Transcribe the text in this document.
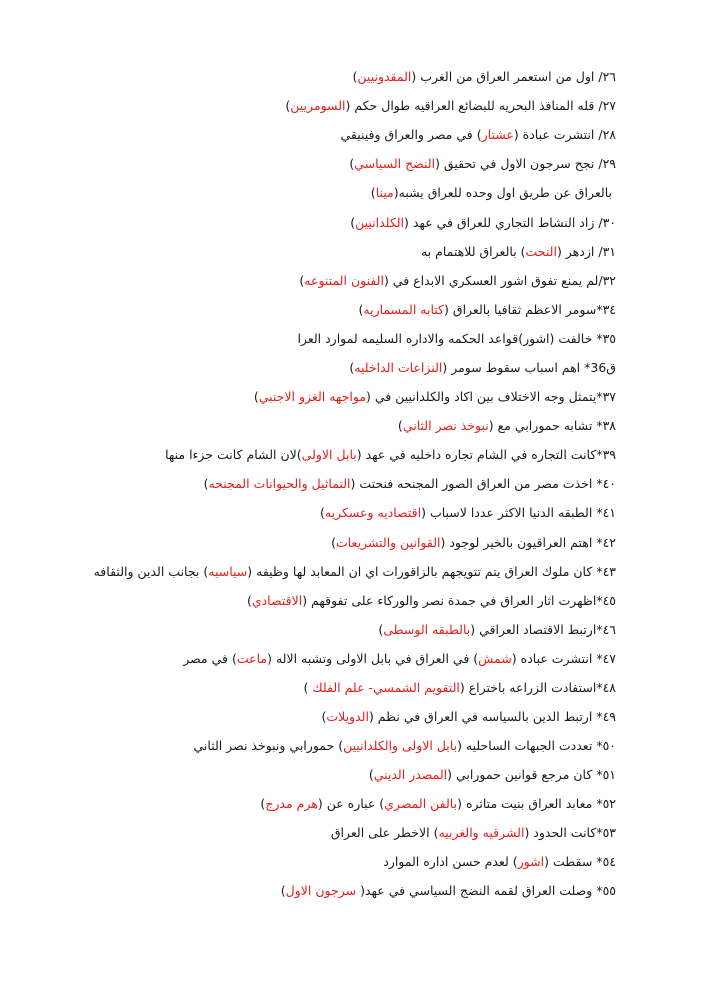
٢٦/ اول من استعمر العراق من الغرب (المقدونيين)
٢٧/ قله المنافذ البحريه للبضائع العراقيه طوال حكم (السومريين)
٢٨/ انتشرت عبادة (عشتار) في مصر والعراق وفينيقي
٢٩/ نجح سرجون الاول في تحقيق (النضج السياسي)
بالعراق عن طريق اول وحده للعراق يشبه(مينا)
٣٠/ زاد النشاط التجاري للعراق في عهد (الكلدانيين)
٣١/ ازدهر (النحت) بالعراق للاهتمام به
٣٢/لم يمنع تفوق اشور العسكري الابداع في (الفنون المتنوعه)
٣٤*سومر الاعظم ثقافيا بالعراق (كتابه المسماريه)
٣٥* خالفت (اشور)قواعد الحكمه والاداره السليمه لموارد العرا
ق36* اهم اسباب سقوط سومر (النزاعات الداخليه)
٣٧*يتمثل وجه الاختلاف بين اكاد والكلدانيين في (مواجهه الغزو الاجنبي)
٣٨* تشابه حمورابي مع (نبوخذ نصر الثاني)
٣٩*كانت التجاره في الشام تجاره داخليه في عهد (بابل الاولى)لان الشام كانت جزءا منها
٤٠* اخذت مصر من العراق الصور المجنحه فنحتت (التماثيل والحيوانات المجنحه)
٤١* الطبقه الدنيا الاكثر عددا لاسباب (اقتصاديه وعسكريه)
٤٢* اهتم العراقيون بالخير لوجود (القوانين والتشريعات)
٤٣* كان ملوك العراق يتم تتويجهم بالزاقورات اي ان المعابد لها وظيفه (سياسيه) بجانب الدين والثقافه
٤٥*اظهرت اثار العراق في جمدة نصر والوركاء على تفوقهم (الاقتصادي)
٤٦*ارتبط الاقتصاد العراقي (بالطبقه الوسطى)
٤٧* انتشرت عباده (شمش) في العراق في بابل الاولى وتشبه الاله (ماعت) في مصر
٤٨*استفادت الزراعه باختراع (التقويم الشمسي- علم الفلك )
٤٩* ارتبط الدين بالسياسه في العراق في نظم (الدويلات)
٥٠* تعددت الجبهات الساحليه (بابل الاولى والكلدانيين) حمورابي ونبوخذ نصر الثاني
٥١* كان مرجع قوانين حمورابي (المصدر الديني)
٥٢* معابد العراق بنيت متاثره (بالفن المصري) عباره عن (هرم مدرج)
٥٣*كانت الحدود (الشرقيه والغربيه) الاخطر على العراق
٥٤* سقطت (اشور) لعدم حسن اداره الموارد
٥٥* وصلت العراق لقمه النضج السياسي في عهد( سرجون الاول)
